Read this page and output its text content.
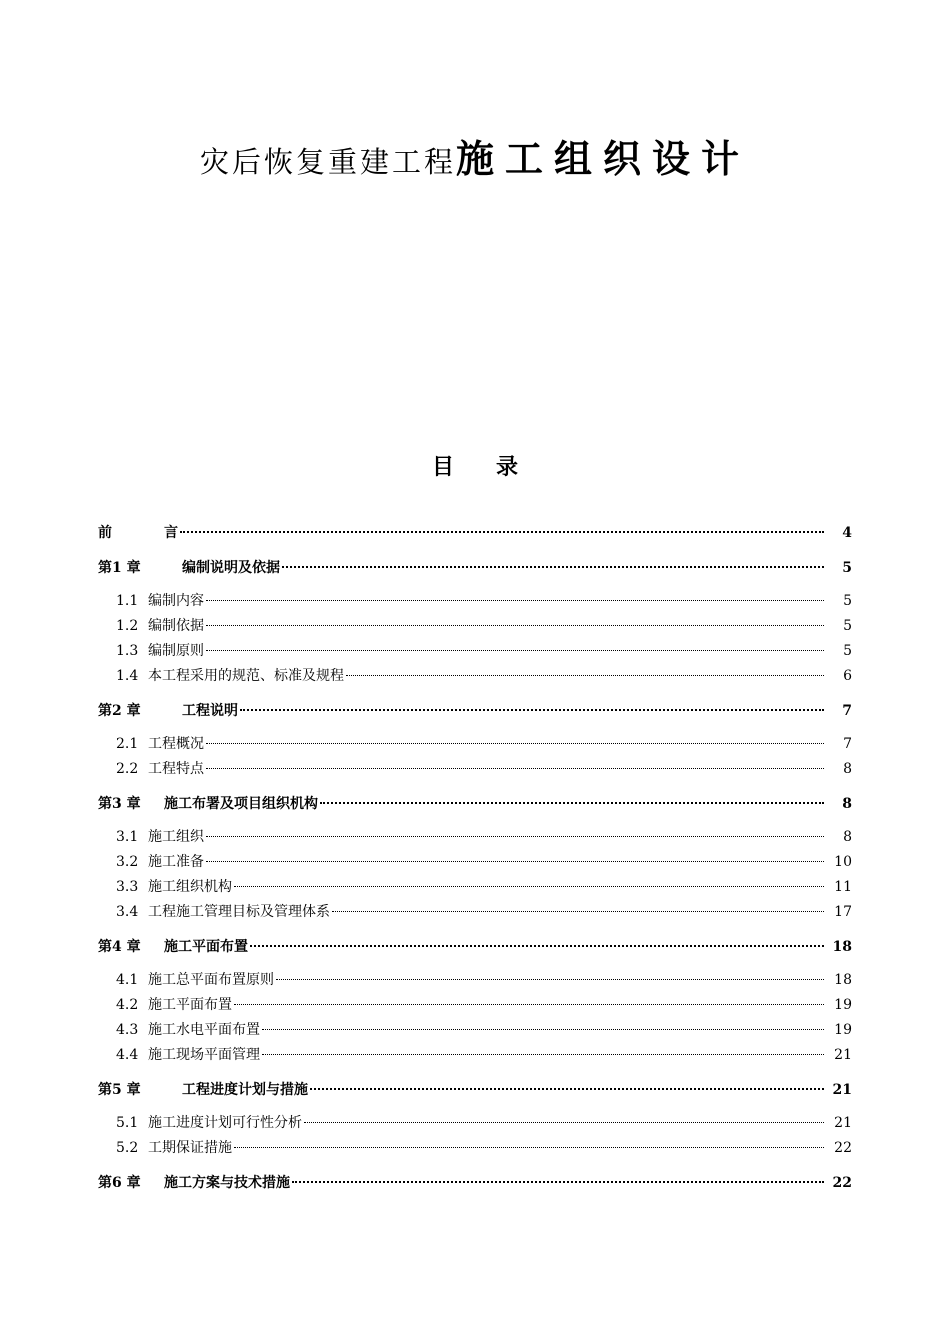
灾后恢复重建工程施工组织设计
目 录
前	言	4
第1 章	编制说明及依据	5
1.1 编制内容	5
1.2 编制依据	5
1.3 编制原则	5
1.4 本工程采用的规范、标准及规程	6
第2 章	工程说明	7
2.1 工程概况	7
2.2 工程特点	8
第3 章	施工布署及项目组织机构	8
3.1 施工组织	8
3.2 施工准备	10
3.3 施工组织机构	11
3.4 工程施工管理目标及管理体系	17
第4 章	施工平面布置	18
4.1 施工总平面布置原则	18
4.2 施工平面布置	19
4.3 施工水电平面布置	19
4.4 施工现场平面管理	21
第5 章	工程进度计划与措施	21
5.1 施工进度计划可行性分析	21
5.2 工期保证措施	22
第6 章	施工方案与技术措施	22
